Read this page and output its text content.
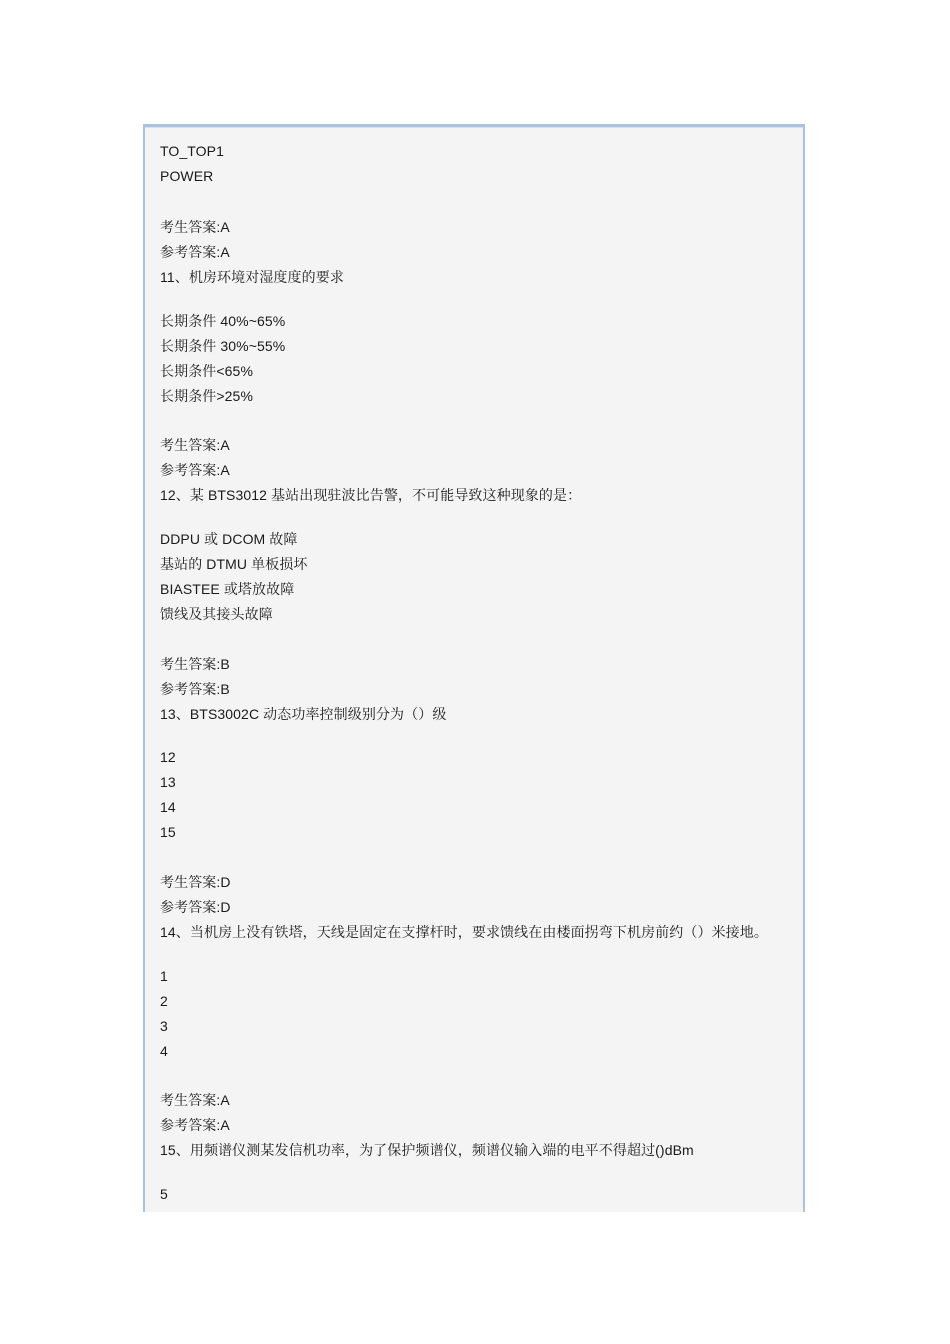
TO_TOP1
POWER
考生答案:A
参考答案:A
11、机房环境对湿度度的要求
长期条件 40%~65%
长期条件 30%~55%
长期条件<65%
长期条件>25%
考生答案:A
参考答案:A
12、某 BTS3012 基站出现驻波比告警，不可能导致这种现象的是：
DDPU 或 DCOM 故障
基站的 DTMU 单板损坏
BIASTEE 或塔放故障
馈线及其接头故障
考生答案:B
参考答案:B
13、BTS3002C 动态功率控制级别分为（）级
12
13
14
15
考生答案:D
参考答案:D
14、当机房上没有铁塔，天线是固定在支撑杆时，要求馈线在由楼面拐弯下机房前约（）米接地。
1
2
3
4
考生答案:A
参考答案:A
15、用频谱仪测某发信机功率，为了保护频谱仪，频谱仪输入端的电平不得超过()dBm
5
